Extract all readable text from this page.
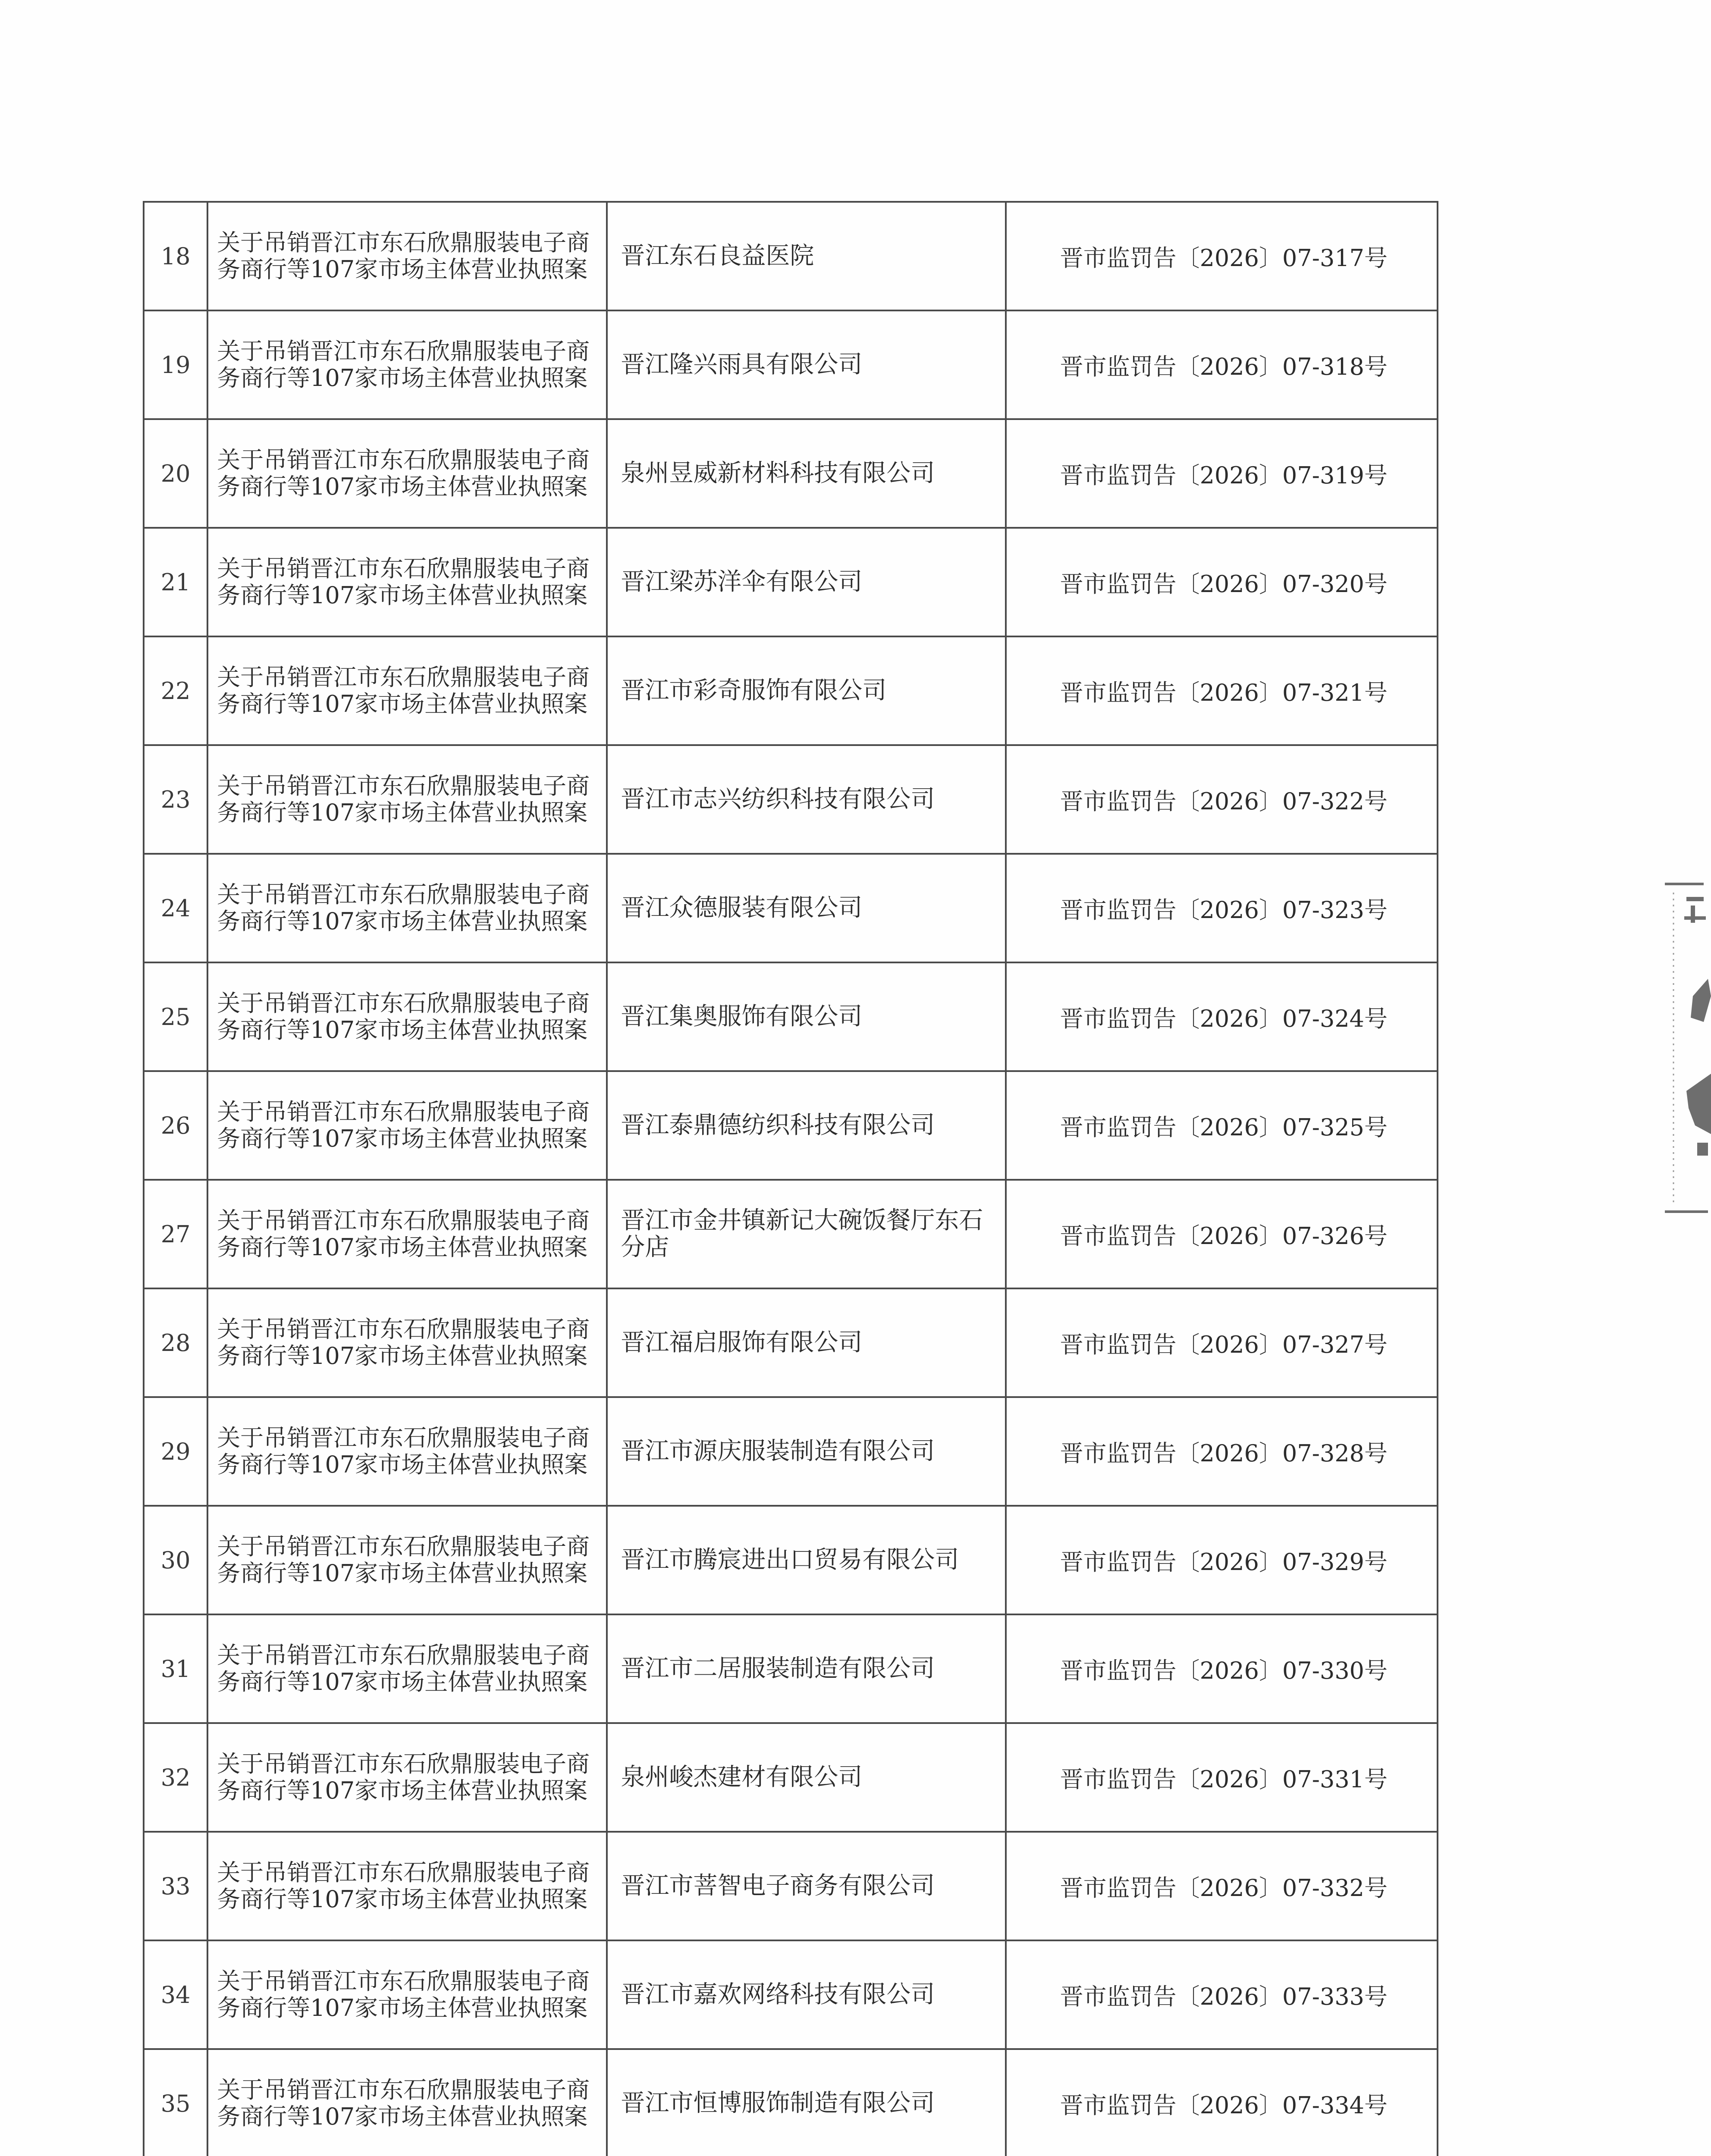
18	关于吊销晋江市东石欣鼎服装电子商务商行等107家市场主体营业执照案	晋江东石良益医院	晋市监罚告〔2026〕07-317号
19	关于吊销晋江市东石欣鼎服装电子商务商行等107家市场主体营业执照案	晋江隆兴雨具有限公司	晋市监罚告〔2026〕07-318号
20	关于吊销晋江市东石欣鼎服装电子商务商行等107家市场主体营业执照案	泉州昱威新材料科技有限公司	晋市监罚告〔2026〕07-319号
21	关于吊销晋江市东石欣鼎服装电子商务商行等107家市场主体营业执照案	晋江梁苏洋伞有限公司	晋市监罚告〔2026〕07-320号
22	关于吊销晋江市东石欣鼎服装电子商务商行等107家市场主体营业执照案	晋江市彩奇服饰有限公司	晋市监罚告〔2026〕07-321号
23	关于吊销晋江市东石欣鼎服装电子商务商行等107家市场主体营业执照案	晋江市志兴纺织科技有限公司	晋市监罚告〔2026〕07-322号
24	关于吊销晋江市东石欣鼎服装电子商务商行等107家市场主体营业执照案	晋江众德服装有限公司	晋市监罚告〔2026〕07-323号
25	关于吊销晋江市东石欣鼎服装电子商务商行等107家市场主体营业执照案	晋江集奥服饰有限公司	晋市监罚告〔2026〕07-324号
26	关于吊销晋江市东石欣鼎服装电子商务商行等107家市场主体营业执照案	晋江泰鼎德纺织科技有限公司	晋市监罚告〔2026〕07-325号
27	关于吊销晋江市东石欣鼎服装电子商务商行等107家市场主体营业执照案	晋江市金井镇新记大碗饭餐厅东石分店	晋市监罚告〔2026〕07-326号
28	关于吊销晋江市东石欣鼎服装电子商务商行等107家市场主体营业执照案	晋江福启服饰有限公司	晋市监罚告〔2026〕07-327号
29	关于吊销晋江市东石欣鼎服装电子商务商行等107家市场主体营业执照案	晋江市源庆服装制造有限公司	晋市监罚告〔2026〕07-328号
30	关于吊销晋江市东石欣鼎服装电子商务商行等107家市场主体营业执照案	晋江市腾宸进出口贸易有限公司	晋市监罚告〔2026〕07-329号
31	关于吊销晋江市东石欣鼎服装电子商务商行等107家市场主体营业执照案	晋江市二居服装制造有限公司	晋市监罚告〔2026〕07-330号
32	关于吊销晋江市东石欣鼎服装电子商务商行等107家市场主体营业执照案	泉州峻杰建材有限公司	晋市监罚告〔2026〕07-331号
33	关于吊销晋江市东石欣鼎服装电子商务商行等107家市场主体营业执照案	晋江市菩智电子商务有限公司	晋市监罚告〔2026〕07-332号
34	关于吊销晋江市东石欣鼎服装电子商务商行等107家市场主体营业执照案	晋江市嘉欢网络科技有限公司	晋市监罚告〔2026〕07-333号
35	关于吊销晋江市东石欣鼎服装电子商务商行等107家市场主体营业执照案	晋江市恒博服饰制造有限公司	晋市监罚告〔2026〕07-334号
